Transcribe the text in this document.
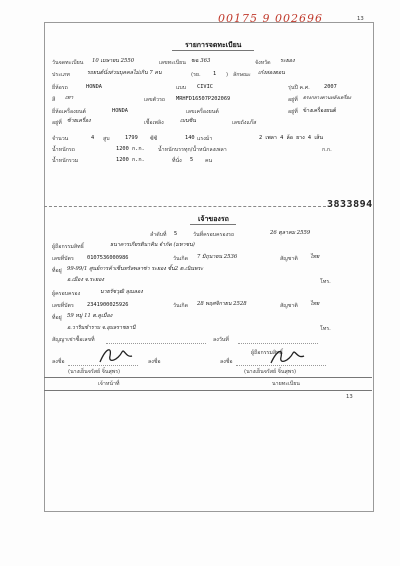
00175 9 002696	13
รายการจดทะเบียน
วันจดทะเบียน 10 เมษายน 2550	เลขทะเบียน ฆฉ 363	จังหวัด ระยอง
ประเภท	รถยนต์นั่งส่วนบุคคลไม่เกิน 7 คน	(รย. 1 ) ลักษณะ เก๋งสองตอน
ยี่ห้อรถ	HONDA	แบบ CIVIC	รุ่นปี ค.ศ.	2007
สี เทา	เลขตัวรถ MRHFD16507P202069	อยู่ที่ ตรงกลางคานหลังเครื่อง
ยี่ห้อเครื่องยนต์	HONDA	เลขเครื่องยนต์	อยู่ที่ ข้างเครื่องยนต์
อยู่ที่ ซ้ายเครื่อง	เชื้อเพลิง	เบนซิน	เลขถังแก๊ส
จำนวน	4 สูบ	1799 ซีซี	140 แรงม้า	2 เพลา 4 ล้อ ยาง 4 เส้น
น้ำหนักรถ	1200 ก.ก.	น้ำหนักบรรทุก/น้ำหนักลงเพลา	ก.ก.
น้ำหนักรวม	1200 ก.ก.	ที่นั่ง 5 คน
3833894
เจ้าของรถ
ลำดับที่ 5	วันที่ครอบครองรถ	26 ตุลาคม 2559
ผู้ถือกรรมสิทธิ์	ธนาคารเกียรตินาคิน จำกัด (มหาชน)
เลขที่บัตร 0107536000986	วันเกิด 7 มิถุนายน 2536	สัญชาติ ไทย
ที่อยู่ 99-99/1 ศูนย์การค้าเซ็นทรัลพลาซ่า ระยอง ชั้น2 ต.เนินพระ
อ.เมือง จ.ระยอง	โทร.
ผู้ครอบครอง	นายรัชวุฒิ ลุณลอง
เลขที่บัตร 2341900025926	วันเกิด 28 พฤศจิกายน 2528	สัญชาติ ไทย
ที่อยู่ 59 หมู่ 11 ต.คูเมือง
อ.วารินชำราบ จ.อุบลราชธานี	โทร.
สัญญาเช่าซื้อเลขที่	ลงวันที่
ลงชื่อ	ลงชื่อ
(นางเย็นจรัสย์ จิ๋นสุพร)
ผู้ถือกรรมสิทธิ์
ลงชื่อ
(นางเย็นจรัสย์ จิ๋นสุพร)
เจ้าหน้าที่	นายทะเบียน
13
